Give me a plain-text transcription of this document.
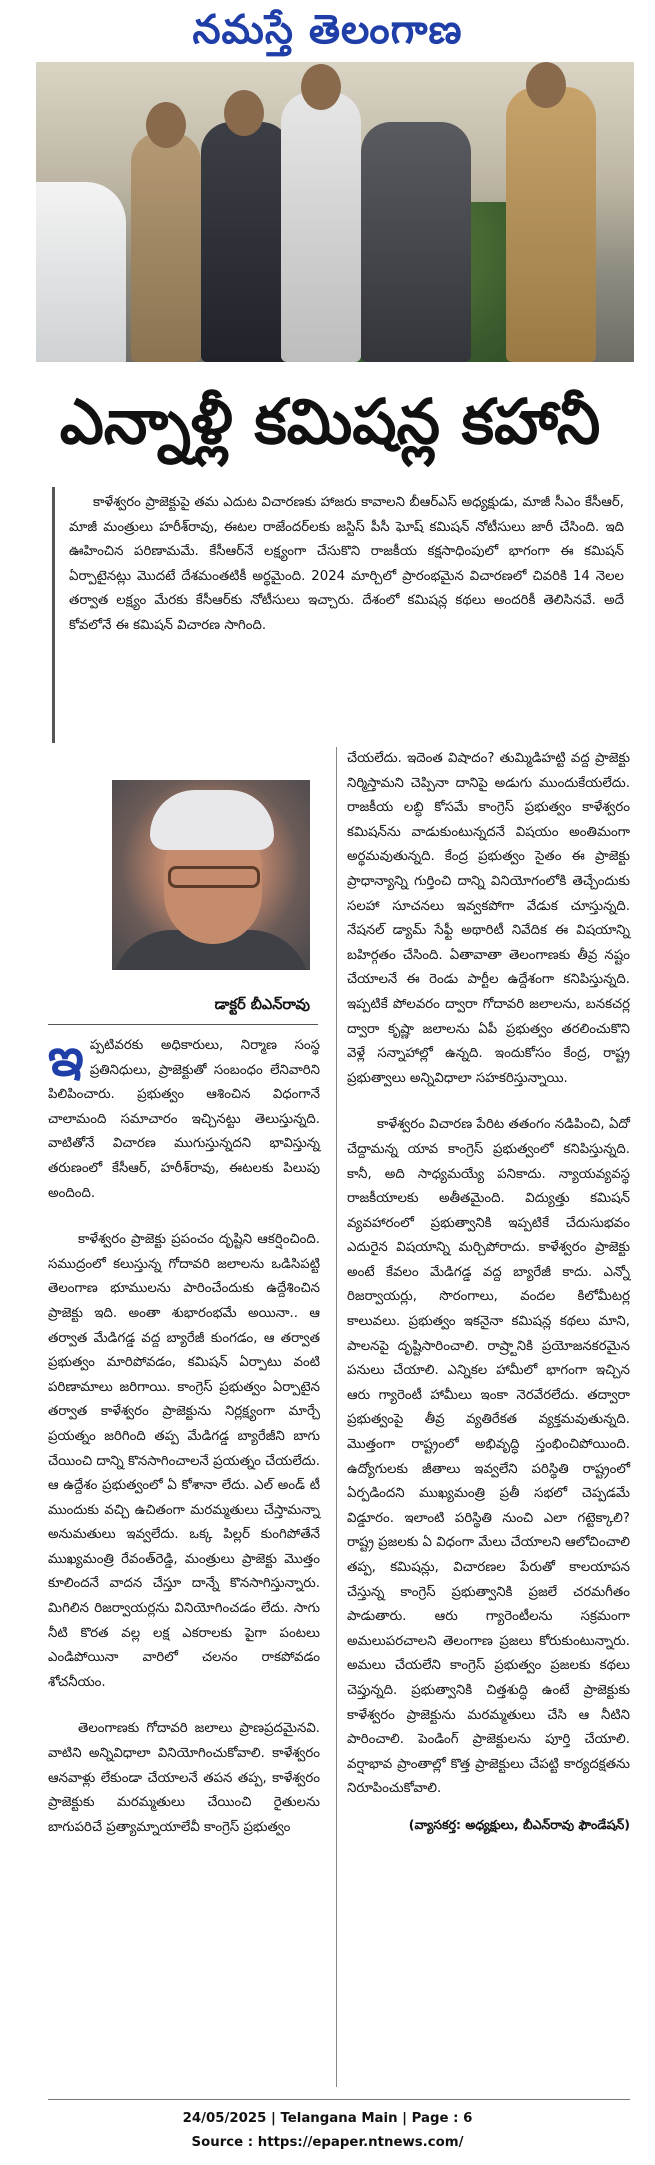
నమస్తే తెలంగాణ
ఎన్నాళ్లీ కమిషన్ల కహానీ

కాళేశ్వరం ప్రాజెక్టుపై తమ ఎదుట విచారణకు హాజరు కావాలని బీఆర్ఎస్ అధ్యక్షుడు, మాజీ సీఎం కేసీఆర్, మాజీ మంత్రులు హరీశ్‌రావు, ఈటల రాజేందర్‌లకు జస్టిస్ పీసీ ఘోష్ కమిషన్ నోటీసులు జారీ చేసింది. ఇది ఊహించిన పరిణామమే. కేసీఆర్‌నే లక్ష్యంగా చేసుకొని రాజకీయ కక్షసాధింపులో భాగంగా ఈ కమిషన్ ఏర్పాటైనట్లు మొదటే దేశమంతటికీ అర్థమైంది. 2024 మార్చిలో ప్రారంభమైన విచారణలో చివరికి 14 నెలల తర్వాత లక్ష్యం మేరకు కేసీఆర్‌కు నోటీసులు ఇచ్చారు. దేశంలో కమిషన్ల కథలు అందరికీ తెలిసినవే. అదే కోవలోనే ఈ కమిషన్ విచారణ సాగింది.

డాక్టర్ బీఎన్‌రావు

ఇప్పటివరకు అధికారులు, నిర్మాణ సంస్థ ప్రతినిధులు, ప్రాజెక్టుతో సంబంధం లేనివారిని పిలిపించారు. ప్రభుత్వం ఆశించిన విధంగానే చాలామంది సమాచారం ఇచ్చినట్టు తెలుస్తున్నది. వాటితోనే విచారణ ముగుస్తున్నదని భావిస్తున్న తరుణంలో కేసీఆర్, హరీశ్‌రావు, ఈటలకు పిలుపు అందింది.

కాళేశ్వరం ప్రాజెక్టు ప్రపంచం దృష్టిని ఆకర్షించింది. సముద్రంలో కలుస్తున్న గోదావరి జలాలను ఒడిసిపట్టి తెలంగాణ భూములను పారించేందుకు ఉద్దేశించిన ప్రాజెక్టు ఇది. అంతా శుభారంభమే అయినా.. ఆ తర్వాత మేడిగడ్డ వద్ద బ్యారేజీ కుంగడం, ఆ తర్వాత ప్రభుత్వం మారిపోవడం, కమిషన్ ఏర్పాటు వంటి పరిణామాలు జరిగాయి. కాంగ్రెస్ ప్రభుత్వం ఏర్పాటైన తర్వాత కాళేశ్వరం ప్రాజెక్టును నిర్లక్ష్యంగా మార్చే ప్రయత్నం జరిగింది తప్ప మేడిగడ్డ బ్యారేజీని బాగు చేయించి దాన్ని కొనసాగించాలనే ప్రయత్నం చేయలేదు. ఆ ఉద్దేశం ప్రభుత్వంలో ఏ కోశానా లేదు. ఎల్ అండ్ టీ ముందుకు వచ్చి ఉచితంగా మరమ్మతులు చేస్తామన్నా అనుమతులు ఇవ్వలేదు. ఒక్క పిల్లర్ కుంగిపోతేనే ముఖ్యమంత్రి రేవంత్‌రెడ్డి, మంత్రులు ప్రాజెక్టు మొత్తం కూలిందనే వాదన చేస్తూ దాన్నే కొనసాగిస్తున్నారు. మిగిలిన రిజర్వాయర్లను వినియోగించడం లేదు. సాగు నీటి కొరత వల్ల లక్ష ఎకరాలకు పైగా పంటలు ఎండిపోయినా వారిలో చలనం రాకపోవడం శోచనీయం.

తెలంగాణకు గోదావరి జలాలు ప్రాణప్రదమైనవి. వాటిని అన్నివిధాలా వినియోగించుకోవాలి. కాళేశ్వరం ఆనవాళ్లు లేకుండా చేయాలనే తపన తప్ప, కాళేశ్వరం ప్రాజెక్టుకు మరమ్మతులు చేయించి రైతులను బాగుపరిచే ప్రత్యామ్నాయాలేవీ కాంగ్రెస్ ప్రభుత్వం

చేయలేదు. ఇదెంత విషాదం? తుమ్మిడిహట్టి వద్ద ప్రాజెక్టు నిర్మిస్తామని చెప్పినా దానిపై అడుగు ముందుకేయలేదు. రాజకీయ లబ్ధి కోసమే కాంగ్రెస్ ప్రభుత్వం కాళేశ్వరం కమిషన్‌ను వాడుకుంటున్నదనే విషయం అంతిమంగా అర్థమవుతున్నది. కేంద్ర ప్రభుత్వం సైతం ఈ ప్రాజెక్టు ప్రాధాన్యాన్ని గుర్తించి దాన్ని వినియోగంలోకి తెచ్చేందుకు సలహా సూచనలు ఇవ్వకపోగా వేడుక చూస్తున్నది. నేషనల్ డ్యామ్ సేఫ్టీ అథారిటీ నివేదిక ఈ విషయాన్ని బహిర్గతం చేసింది. ఏతావాతా తెలంగాణకు తీవ్ర నష్టం చేయాలనే ఈ రెండు పార్టీల ఉద్దేశంగా కనిపిస్తున్నది. ఇప్పటికే పోలవరం ద్వారా గోదావరి జలాలను, బనకచర్ల ద్వారా కృష్ణా జలాలను ఏపీ ప్రభుత్వం తరలించుకొని వెళ్లే సన్నాహాల్లో ఉన్నది. ఇందుకోసం కేంద్ర, రాష్ట్ర ప్రభుత్వాలు అన్నివిధాలా సహకరిస్తున్నాయి.

కాళేశ్వరం విచారణ పేరిట తతంగం నడిపించి, ఏదో చేద్దామన్న యావ కాంగ్రెస్ ప్రభుత్వంలో కనిపిస్తున్నది. కానీ, అది సాధ్యమయ్యే పనికాదు. న్యాయవ్యవస్థ రాజకీయాలకు అతీతమైంది. విద్యుత్తు కమిషన్ వ్యవహారంలో ప్రభుత్వానికి ఇప్పటికే చేదుసుభవం ఎదురైన విషయాన్ని మర్చిపోరాదు. కాళేశ్వరం ప్రాజెక్టు అంటే కేవలం మేడిగడ్డ వద్ద బ్యారేజీ కాదు. ఎన్నో రిజర్వాయర్లు, సొరంగాలు, వందల కిలోమీటర్ల కాలువలు. ప్రభుత్వం ఇకనైనా కమిషన్ల కథలు మాని, పాలనపై దృష్టిసారించాలి. రాష్ర్టానికి ప్రయోజనకరమైన పనులు చేయాలి. ఎన్నికల హామీలో భాగంగా ఇచ్చిన ఆరు గ్యారెంటీ హామీలు ఇంకా నెరవేరలేదు. తద్వారా ప్రభుత్వంపై తీవ్ర వ్యతిరేకత వ్యక్తమవుతున్నది. మొత్తంగా రాష్ట్రంలో అభివృద్ధి స్తంభించిపోయింది. ఉద్యోగులకు జీతాలు ఇవ్వలేని పరిస్థితి రాష్ట్రంలో ఏర్పడిందని ముఖ్యమంత్రి ప్రతీ సభలో చెప్పడమే విడ్డూరం. ఇలాంటి పరిస్థితి నుంచి ఎలా గట్టెక్కాలి? రాష్ట్ర ప్రజలకు ఏ విధంగా మేలు చేయాలని ఆలోచించాలి తప్ప, కమిషన్లు, విచారణల పేరుతో కాలయాపన చేస్తున్న కాంగ్రెస్ ప్రభుత్వానికి ప్రజలే చరమగీతం పాడుతారు. ఆరు గ్యారెంటీలను సక్రమంగా అమలుపరచాలని తెలంగాణ ప్రజలు కోరుకుంటున్నారు. అమలు చేయలేని కాంగ్రెస్ ప్రభుత్వం ప్రజలకు కథలు చెప్తున్నది. ప్రభుత్వానికి చిత్తశుద్ధి ఉంటే ప్రాజెక్టుకు కాళేశ్వరం ప్రాజెక్టును మరమ్మతులు చేసి ఆ నీటిని పారించాలి. పెండింగ్ ప్రాజెక్టులను పూర్తి చేయాలి. వర్షాభావ ప్రాంతాల్లో కొత్త ప్రాజెక్టులు చేపట్టి కార్యదక్షతను నిరూపించుకోవాలి.

(వ్యాసకర్త: అధ్యక్షులు, బీఎన్‌రావు ఫౌండేషన్)
24/05/2025 | Telangana Main | Page : 6
Source : https://epaper.ntnews.com/
